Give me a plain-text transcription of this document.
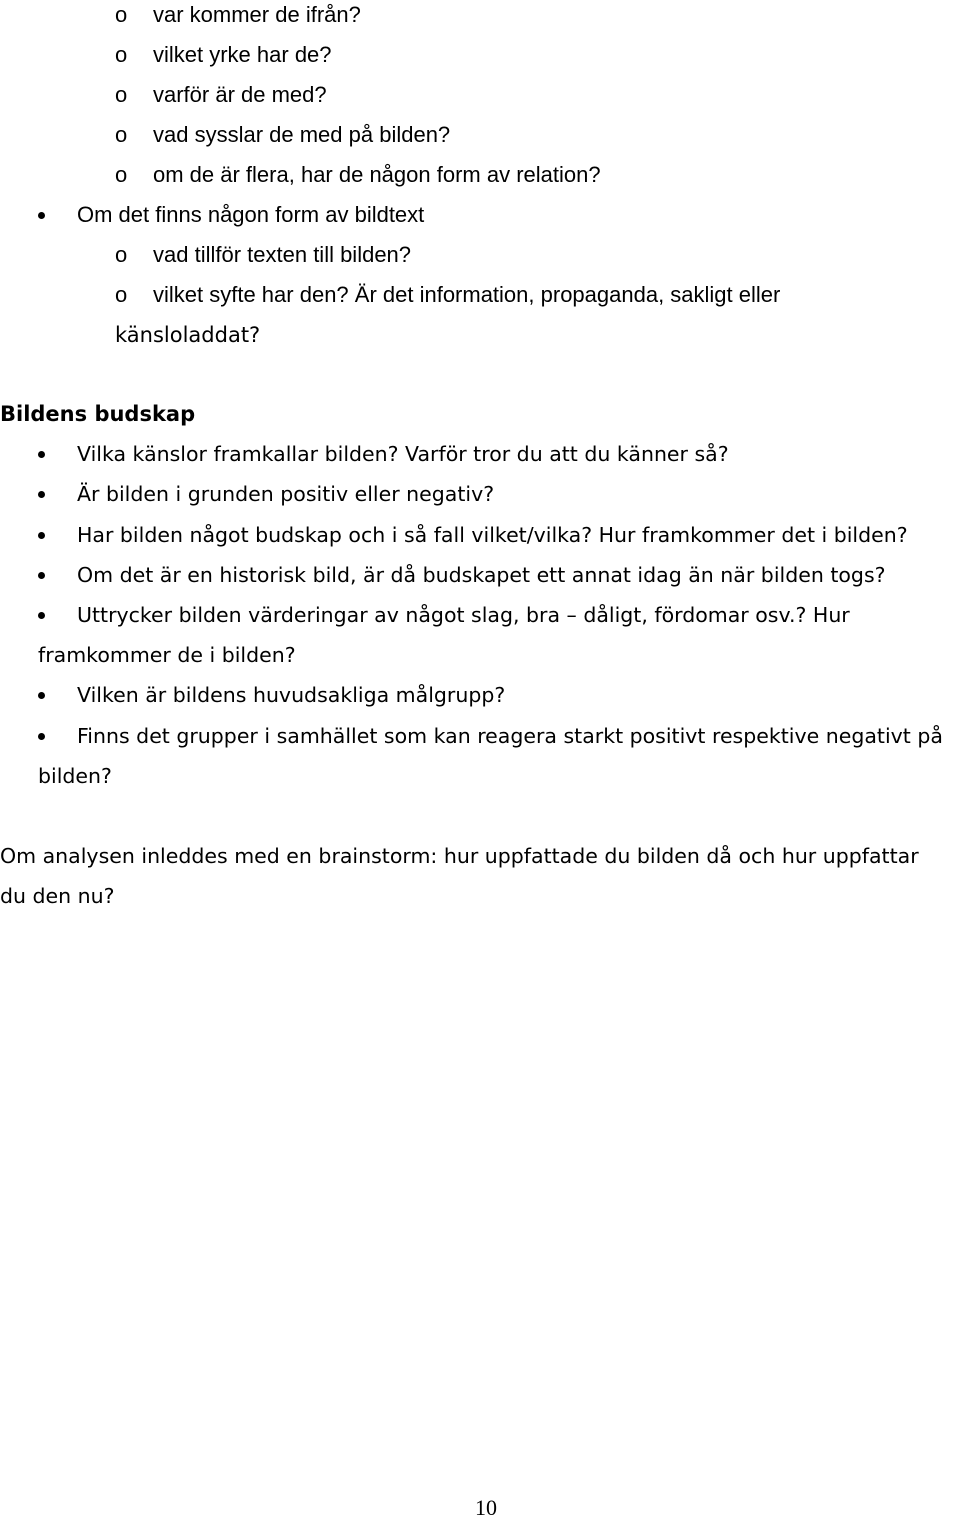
o var kommer de ifrån?
o vilket yrke har de?
o varför är de med?
o vad sysslar de med på bilden?
o om de är flera, har de någon form av relation?
Om det finns någon form av bildtext
o vad tillför texten till bilden?
o vilket syfte har den? Är det information, propaganda, sakligt eller
känsloladdat?
Bildens budskap
Vilka känslor framkallar bilden? Varför tror du att du känner så?
Är bilden i grunden positiv eller negativ?
Har bilden något budskap och i så fall vilket/vilka? Hur framkommer det i bilden?
Om det är en historisk bild, är då budskapet ett annat idag än när bilden togs?
Uttrycker bilden värderingar av något slag, bra – dåligt, fördomar osv.? Hur
framkommer de i bilden?
Vilken är bildens huvudsakliga målgrupp?
Finns det grupper i samhället som kan reagera starkt positivt respektive negativt på
bilden?
Om analysen inleddes med en brainstorm: hur uppfattade du bilden då och hur uppfattar
du den nu?
10
